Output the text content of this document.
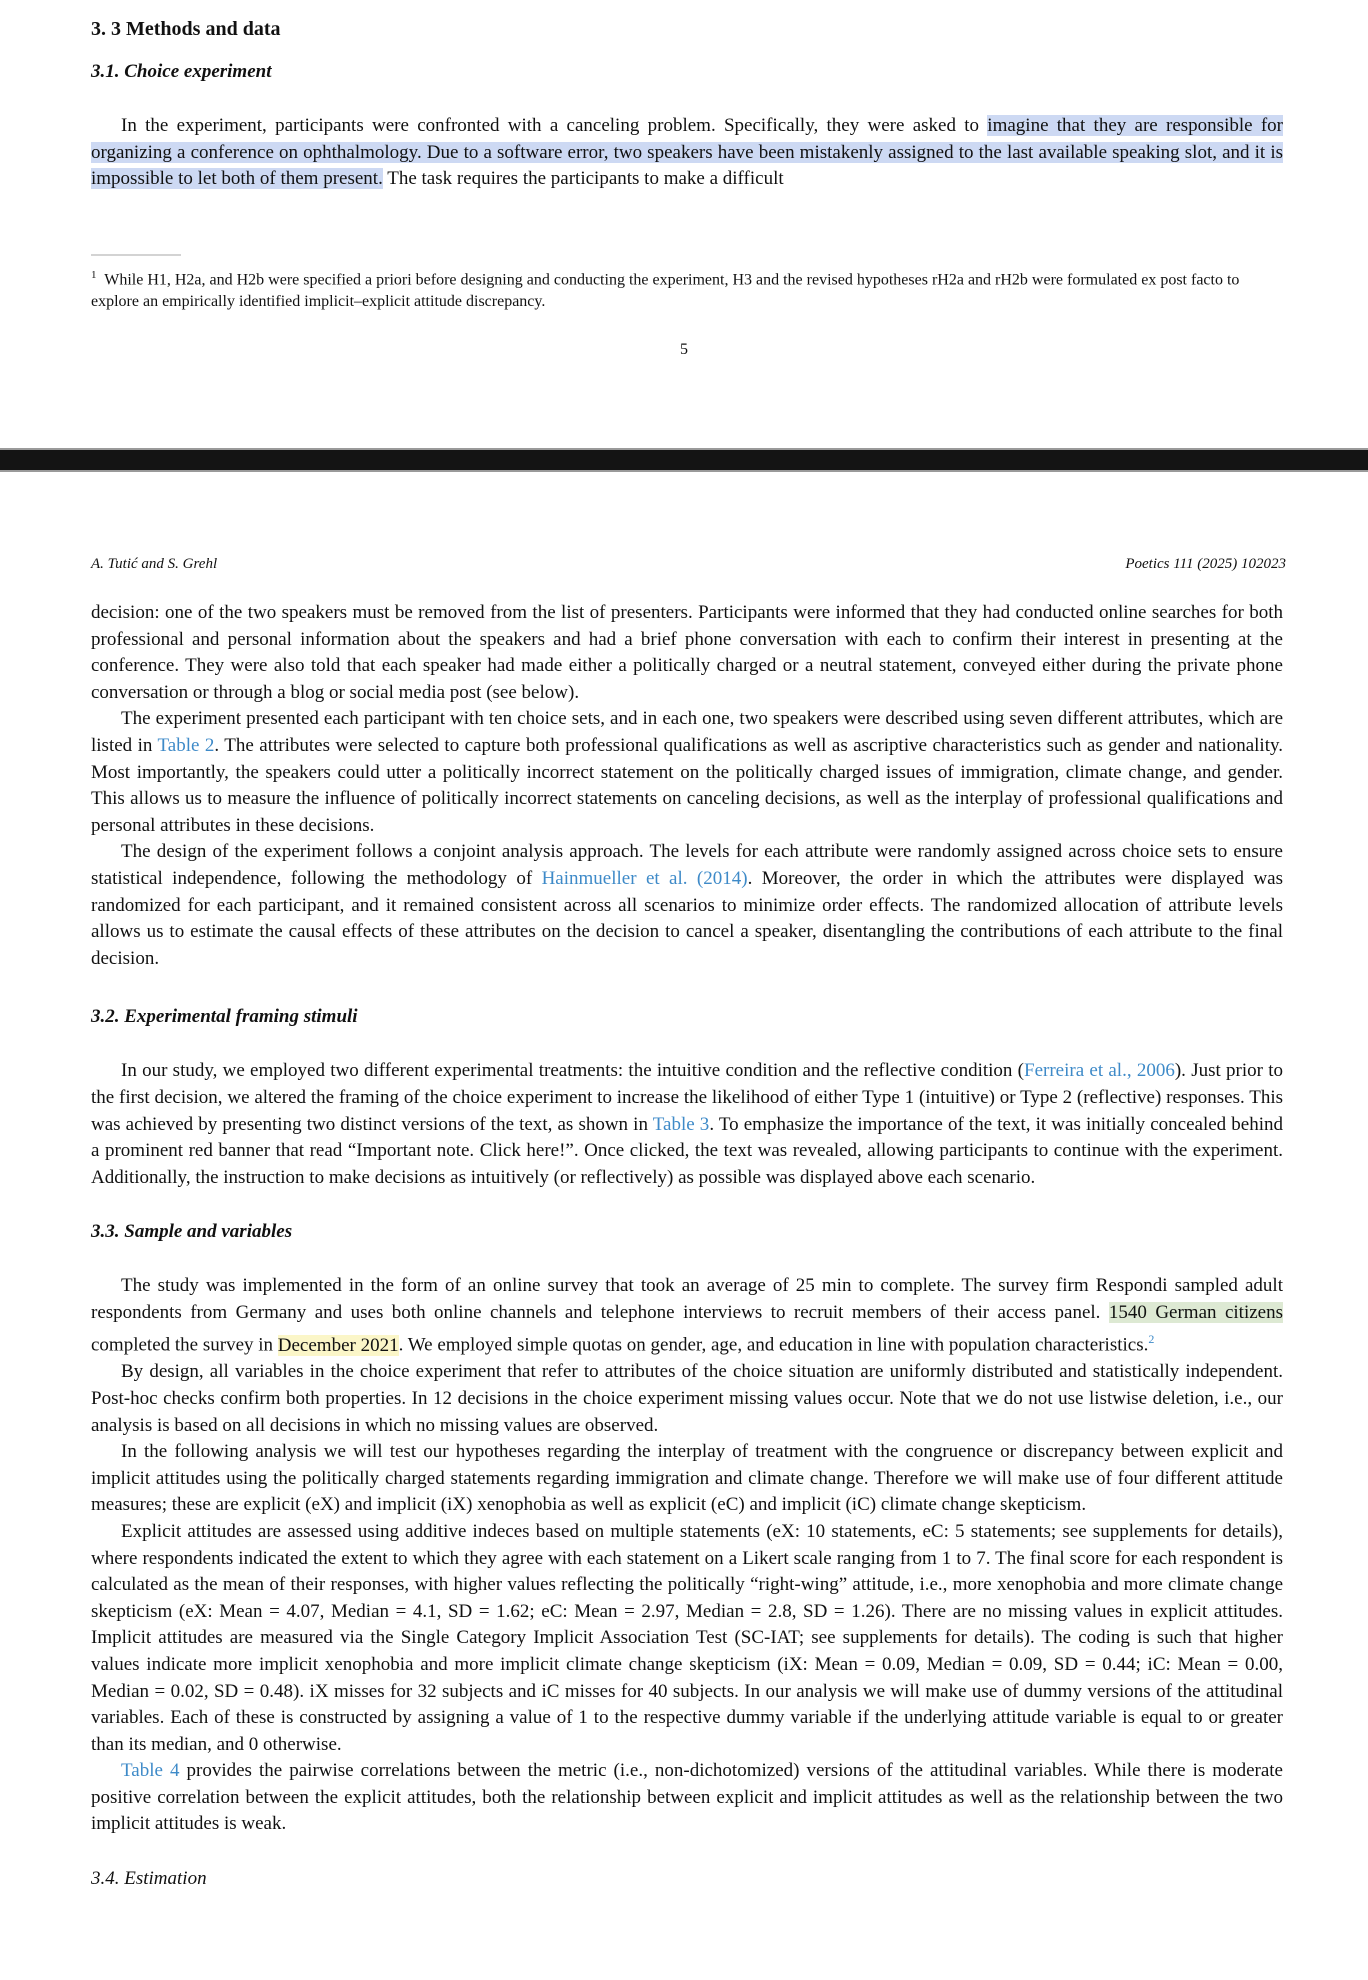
3. 3 Methods and data
3.1. Choice experiment

In the experiment, participants were confronted with a canceling problem. Specifically, they were asked to imagine that they are responsible for organizing a conference on ophthalmology. Due to a software error, two speakers have been mistakenly assigned to the last available speaking slot, and it is impossible to let both of them present. The task requires the participants to make a difficult

$^1$ While H1, H2a, and H2b were specified a priori before designing and conducting the experiment, H3 and the revised hypotheses rH2a and rH2b were formulated ex post facto to explore an empirically identified implicit–explicit attitude discrepancy.

5
A. Tutić and S. Grehl	Poetics 111 (2025) 102023

decision: one of the two speakers must be removed from the list of presenters. Participants were informed that they had conducted online searches for both professional and personal information about the speakers and had a brief phone conversation with each to confirm their interest in presenting at the conference. They were also told that each speaker had made either a politically charged or a neutral statement, conveyed either during the private phone conversation or through a blog or social media post (see below).

The experiment presented each participant with ten choice sets, and in each one, two speakers were described using seven different attributes, which are listed in Table 2. The attributes were selected to capture both professional qualifications as well as ascriptive characteristics such as gender and nationality. Most importantly, the speakers could utter a politically incorrect statement on the politically charged issues of immigration, climate change, and gender. This allows us to measure the influence of politically incorrect statements on canceling decisions, as well as the interplay of professional qualifications and personal attributes in these decisions.

The design of the experiment follows a conjoint analysis approach. The levels for each attribute were randomly assigned across choice sets to ensure statistical independence, following the methodology of Hainmueller et al. (2014). Moreover, the order in which the attributes were displayed was randomized for each participant, and it remained consistent across all scenarios to minimize order effects. The randomized allocation of attribute levels allows us to estimate the causal effects of these attributes on the decision to cancel a speaker, disentangling the contributions of each attribute to the final decision.

3.2. Experimental framing stimuli

In our study, we employed two different experimental treatments: the intuitive condition and the reflective condition (Ferreira et al., 2006). Just prior to the first decision, we altered the framing of the choice experiment to increase the likelihood of either Type 1 (intuitive) or Type 2 (reflective) responses. This was achieved by presenting two distinct versions of the text, as shown in Table 3. To emphasize the importance of the text, it was initially concealed behind a prominent red banner that read “Important note. Click here!”. Once clicked, the text was revealed, allowing participants to continue with the experiment. Additionally, the instruction to make decisions as intuitively (or reflectively) as possible was displayed above each scenario.

3.3. Sample and variables

The study was implemented in the form of an online survey that took an average of 25 min to complete. The survey firm Respondi sampled adult respondents from Germany and uses both online channels and telephone interviews to recruit members of their access panel. 1540 German citizens completed the survey in December 2021. We employed simple quotas on gender, age, and education in line with population characteristics.$^2$

By design, all variables in the choice experiment that refer to attributes of the choice situation are uniformly distributed and statistically independent. Post-hoc checks confirm both properties. In 12 decisions in the choice experiment missing values occur. Note that we do not use listwise deletion, i.e., our analysis is based on all decisions in which no missing values are observed.

In the following analysis we will test our hypotheses regarding the interplay of treatment with the congruence or discrepancy between explicit and implicit attitudes using the politically charged statements regarding immigration and climate change. Therefore we will make use of four different attitude measures; these are explicit (eX) and implicit (iX) xenophobia as well as explicit (eC) and implicit (iC) climate change skepticism.

Explicit attitudes are assessed using additive indeces based on multiple statements (eX: 10 statements, eC: 5 statements; see supplements for details), where respondents indicated the extent to which they agree with each statement on a Likert scale ranging from 1 to 7. The final score for each respondent is calculated as the mean of their responses, with higher values reflecting the politically “right-wing” attitude, i.e., more xenophobia and more climate change skepticism (eX: Mean = 4.07, Median = 4.1, SD = 1.62; eC: Mean = 2.97, Median = 2.8, SD = 1.26). There are no missing values in explicit attitudes. Implicit attitudes are measured via the Single Category Implicit Association Test (SC-IAT; see supplements for details). The coding is such that higher values indicate more implicit xenophobia and more implicit climate change skepticism (iX: Mean = 0.09, Median = 0.09, SD = 0.44; iC: Mean = 0.00, Median = 0.02, SD = 0.48). iX misses for 32 subjects and iC misses for 40 subjects. In our analysis we will make use of dummy versions of the attitudinal variables. Each of these is constructed by assigning a value of 1 to the respective dummy variable if the underlying attitude variable is equal to or greater than its median, and 0 otherwise.

Table 4 provides the pairwise correlations between the metric (i.e., non-dichotomized) versions of the attitudinal variables. While there is moderate positive correlation between the explicit attitudes, both the relationship between explicit and implicit attitudes as well as the relationship between the two implicit attitudes is weak.

3.4. Estimation
